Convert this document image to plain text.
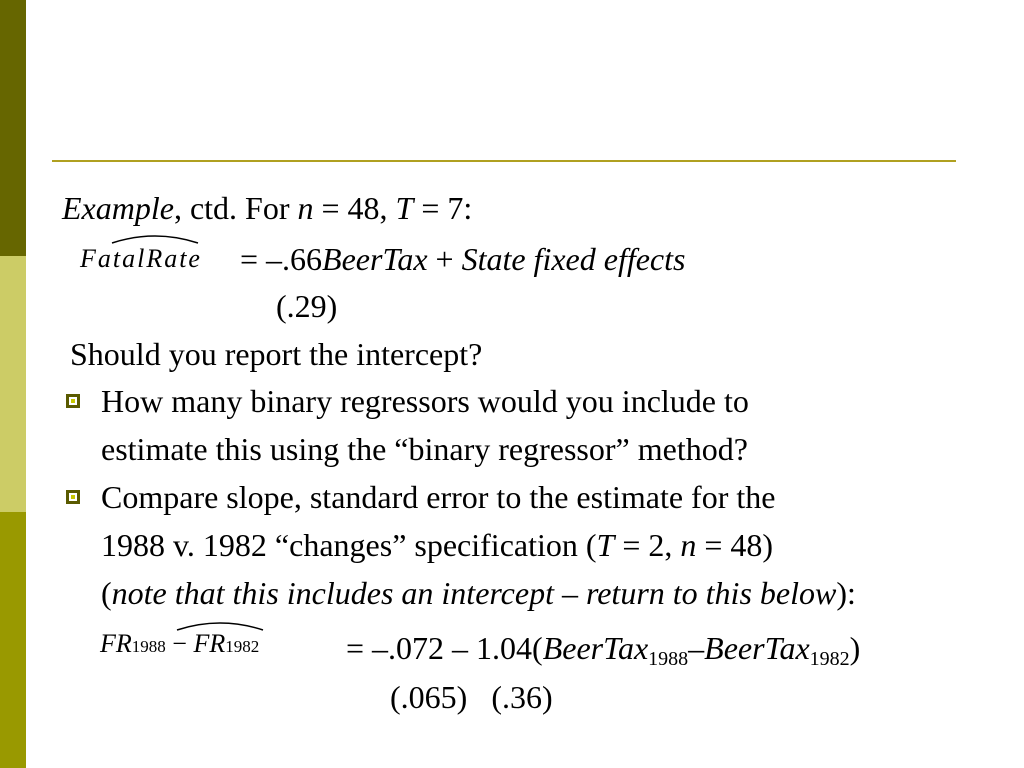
Example, ctd. For n = 48, T = 7:
FatalRate = –.66BeerTax + State fixed effects
(.29)
Should you report the intercept?
How many binary regressors would you include to
estimate this using the “binary regressor” method?
Compare slope, standard error to the estimate for the
1988 v. 1982 “changes” specification (T = 2, n = 48)
(note that this includes an intercept – return to this below):
FR1988 − FR1982	= –.072 – 1.04(BeerTax$_{1988}$–BeerTax$_{1982}$)
(.065)   (.36)
